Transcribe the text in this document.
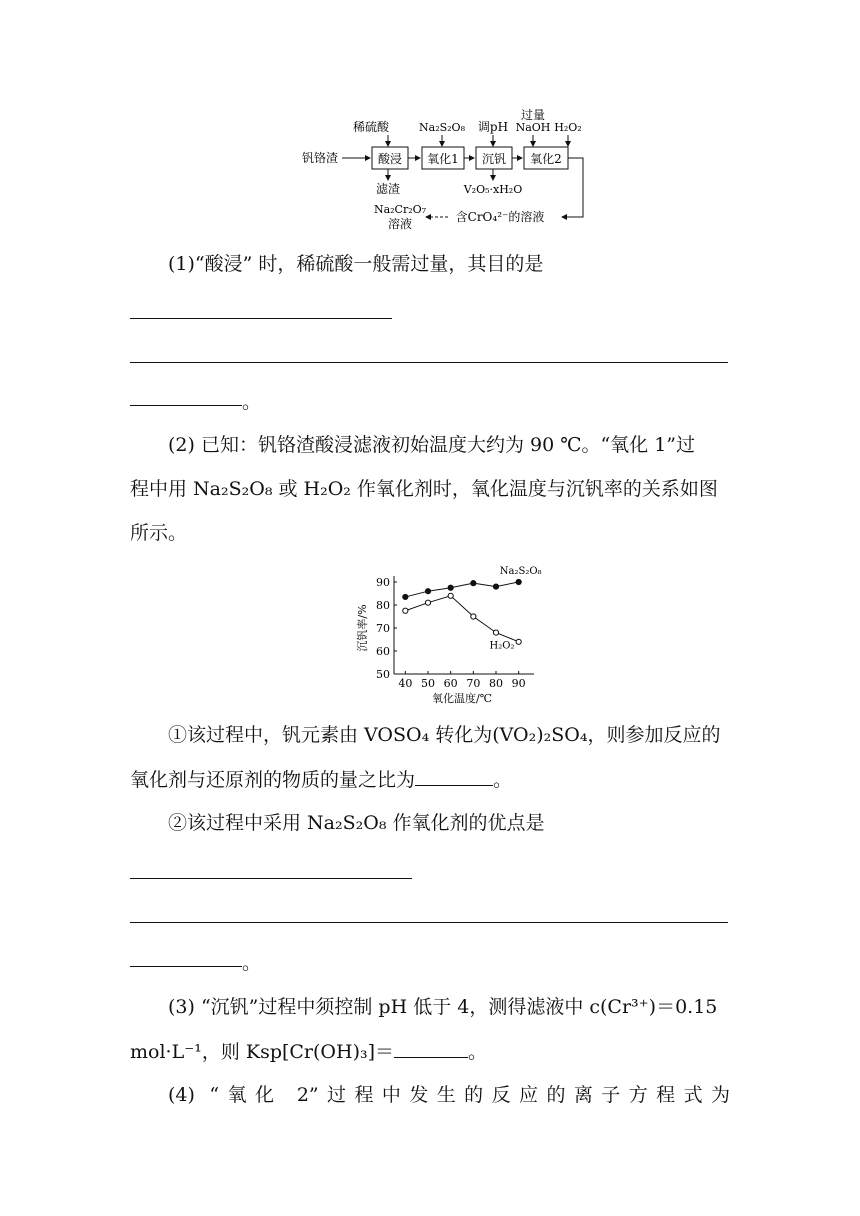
稀硫酸	Na₂S₂O₈ 调pH
过量
NaOH H₂O₂
钒铬渣	酸浸 氧化1 沉钒 氧化2
滤渣	V₂O₅·xH₂O
含CrO₄²⁻的溶液
Na₂Cr₂O₇
溶液
(1)“酸浸” 时，稀硫酸一般需过量，其目的是
。
(2) 已知：钒铬渣酸浸滤液初始温度大约为 90 ℃。“氧化 1”过
程中用 Na₂S₂O₈ 或 H₂O₂ 作氧化剂时，氧化温度与沉钒率的关系如图
所示。
40 50 60 70 80 90
50
60
70
80
90
氧化温度/℃
沉钒率/%
Na₂S₂O₈
H₂O₂
①该过程中，钒元素由 VOSO₄ 转化为(VO₂)₂SO₄，则参加反应的
氧化剂与还原剂的物质的量之比为	。
②该过程中采用 Na₂S₂O₈ 作氧化剂的优点是
。
(3) “沉钒”过程中须控制 pH 低于 4，测得滤液中 c(Cr³⁺)＝0.15
mol·L⁻¹，则 Ksp[Cr(OH)₃]＝	。
(4) “氧化 2”过程中发生的反应的离子方程式为
